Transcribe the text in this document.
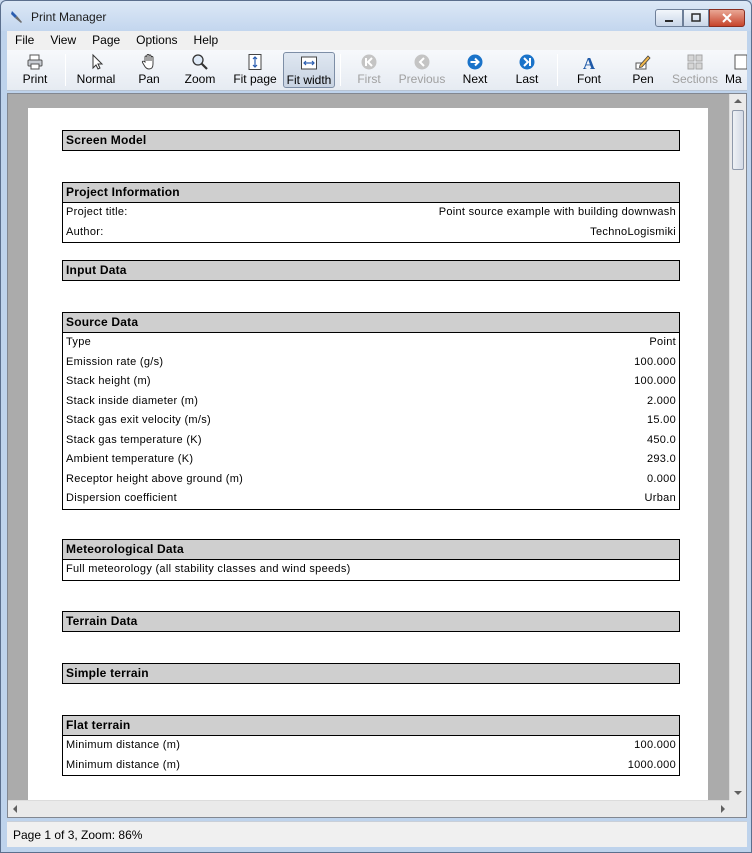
Print Manager
File	View	Page	Options	Help
Print Normal Pan Zoom Fit page Fit width First Previous Next Last
A
Font	Pen Sections Ma
Screen Model
Project Information
Project title:	Point source example with building downwash
Author:	TechnoLogismiki
Input Data
Source Data
Type	Point
Emission rate (g/s)	100.000
Stack height (m)	100.000
Stack inside diameter (m)	2.000
Stack gas exit velocity (m/s)	15.00
Stack gas temperature (K)	450.0
Ambient temperature (K)	293.0
Receptor height above ground (m)	0.000
Dispersion coefficient	Urban
Meteorological Data
Full meteorology (all stability classes and wind speeds)
Terrain Data
Simple terrain
Flat terrain
Minimum distance (m)	100.000
Minimum distance (m)	1000.000
Page 1 of 3, Zoom: 86%
